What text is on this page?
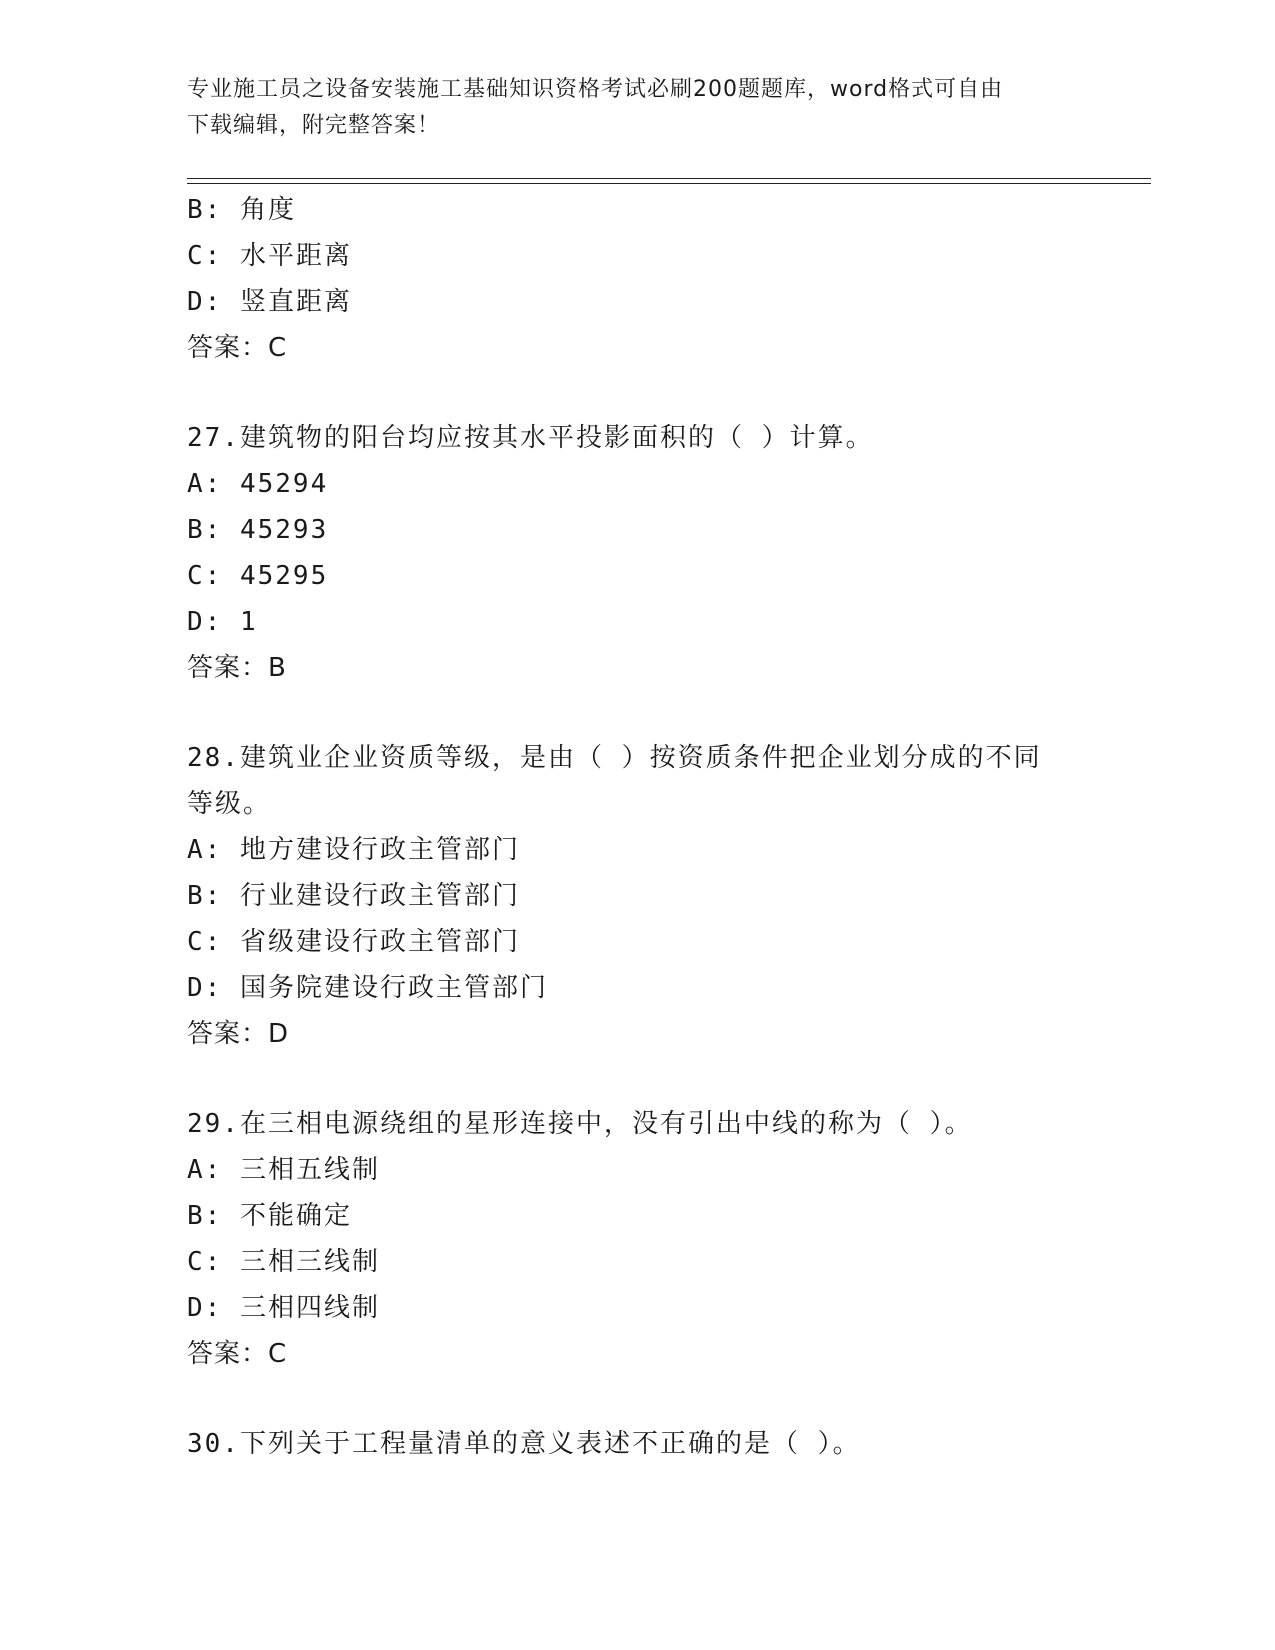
专业施工员之设备安装施工基础知识资格考试必刷200题题库，word格式可自由
下载编辑，附完整答案！
B: 角度
C: 水平距离
D: 竖直距离
答案：C
27.建筑物的阳台均应按其水平投影面积的（ ）计算。
A: 45294
B: 45293
C: 45295
D: 1
答案：B
28.建筑业企业资质等级，是由（ ）按资质条件把企业划分成的不同
等级。
A: 地方建设行政主管部门
B: 行业建设行政主管部门
C: 省级建设行政主管部门
D: 国务院建设行政主管部门
答案：D
29.在三相电源绕组的星形连接中，没有引出中线的称为（ ）。
A: 三相五线制
B: 不能确定
C: 三相三线制
D: 三相四线制
答案：C
30.下列关于工程量清单的意义表述不正确的是（ ）。
